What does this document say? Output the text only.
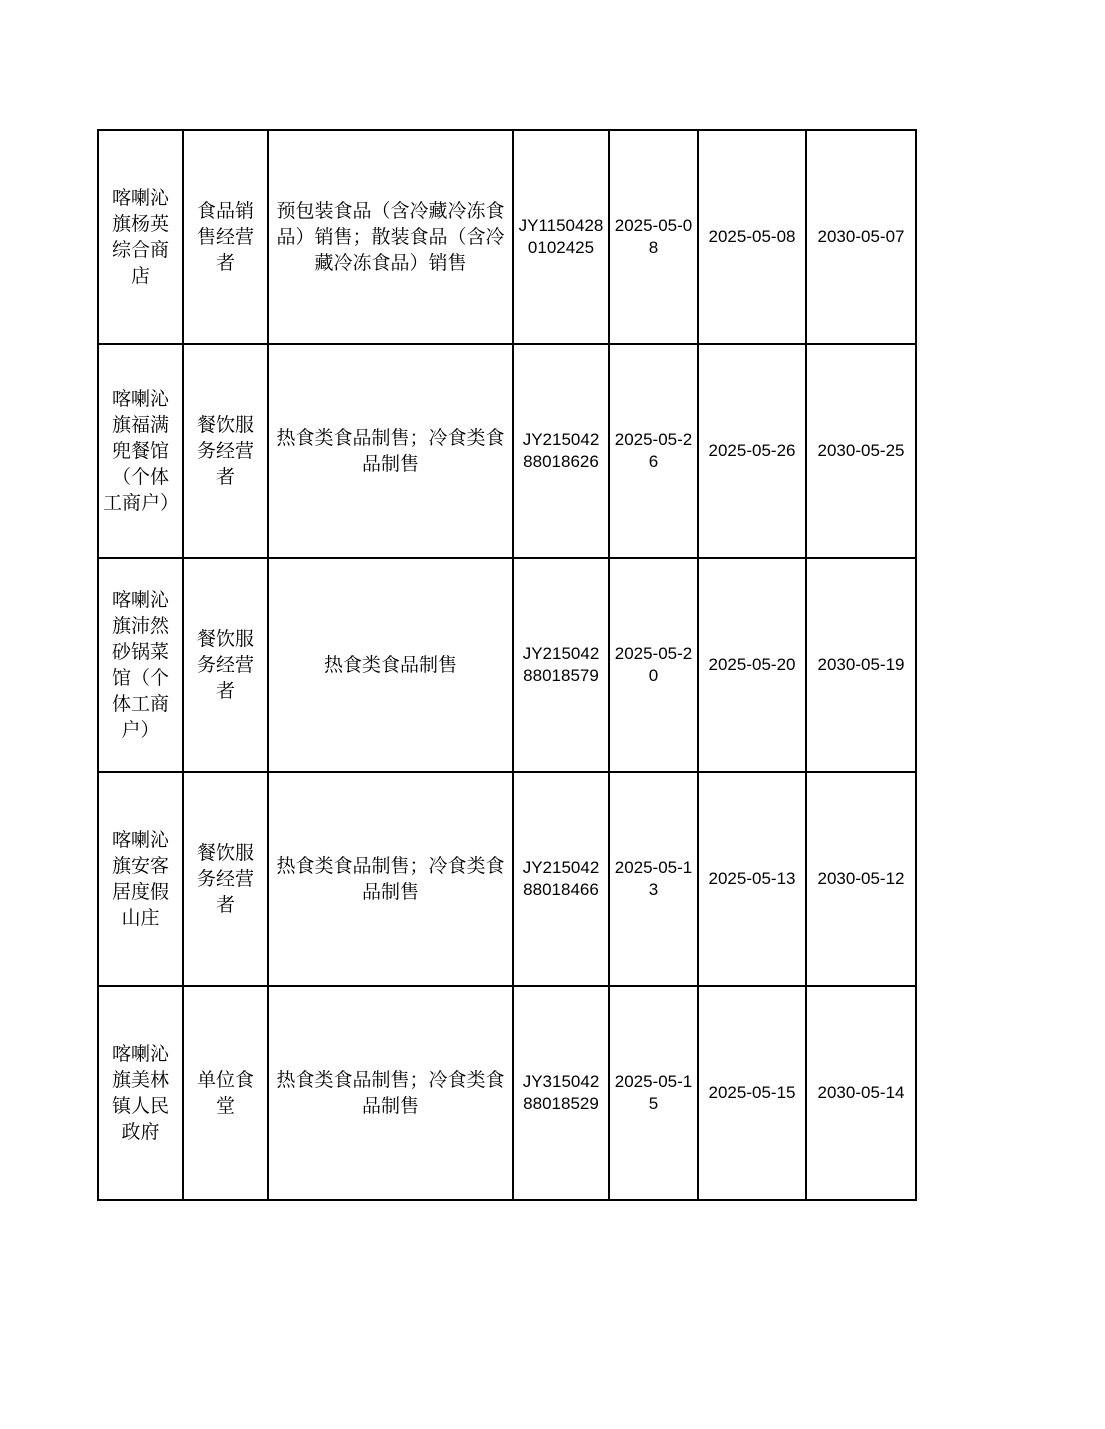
喀喇沁旗杨英综合商店	食品销售经营者	预包装食品（含冷藏冷冻食品）销售；散装食品（含冷藏冷冻食品）销售	JY11504280102425	2025-05-08	2025-05-08	2030-05-07
喀喇沁旗福满兜餐馆（个体工商户）	餐饮服务经营者	热食类食品制售；冷食类食品制售	JY21504288018626	2025-05-26	2025-05-26	2030-05-25
喀喇沁旗沛然砂锅菜馆（个体工商户）	餐饮服务经营者	热食类食品制售	JY21504288018579	2025-05-20	2025-05-20	2030-05-19
喀喇沁旗安客居度假山庄	餐饮服务经营者	热食类食品制售；冷食类食品制售	JY21504288018466	2025-05-13	2025-05-13	2030-05-12
喀喇沁旗美林镇人民政府	单位食堂	热食类食品制售；冷食类食品制售	JY31504288018529	2025-05-15	2025-05-15	2030-05-14
